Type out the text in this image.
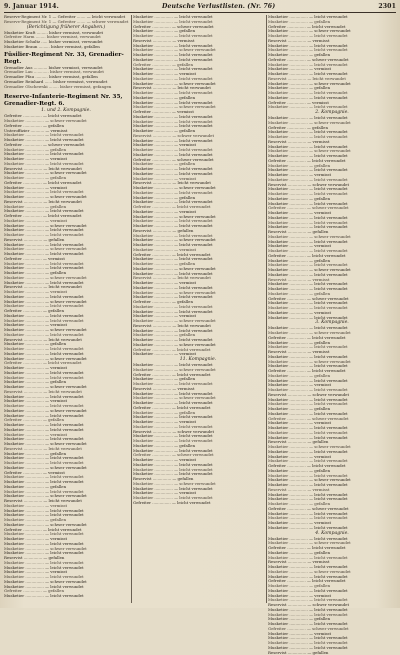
9. Januar 1914.	Deutsche Verlustlisten. (Nr. 76)	2301
Reserve-Regiment Nr. 1 — Gefreiter ....... — leicht verwundet
Reserve-Regiment Nr. 1 — Gefreiter ....... — schwer verwundet
(Berichtigung früherer Angaben.)
Musketier Kraft ......... bisher vermisst, verwundet
Gefreiter Harm ........ bisher vermisst, verwundet
Musketier Schultz ..... bisher vermisst, verwundet
Musketier Braun ......... bisher vermisst, gefallen
Füsilier-Regiment Nr. 33, Grenadier-Regt.
Grenadier Aus ........... bisher vermisst, verwundet
Grenadier Lau ............ bisher vermisst, verwundet
Grenadier Pfau .......... bisher vermisst, gefallen
Grenadier Reinhard ...... bisher vermisst, verwundet
Grenadier Olschewski ........ bisher vermisst, gefangen
Reserve-Infanterie-Regiment Nr. 35, Grenadier-Regt. 6.
1. und 2. Kompagnie.
Gefreiter ............... — leicht verwundet
Musketier ............... — schwer verwundet
Gefreiter ............... — gefallen
Unteroffizier ........... — vermisst
Musketier ............... — leicht verwundet
Musketier ............... — leicht verwundet
Gefreiter ............... — schwer verwundet
Musketier ............... — gefallen
Musketier ............... — leicht verwundet
Musketier ............... — vermisst
Musketier ............... — leicht verwundet
Reservist ............... — leicht verwundet
Musketier ............... — schwer verwundet
Musketier ............... — gefallen
Gefreiter ............... — leicht verwundet
Musketier ............... — vermisst
Musketier ............... — leicht verwundet
Musketier ............... — schwer verwundet
Reservist ............... — leicht verwundet
Musketier ............... — gefallen
Musketier ............... — leicht verwundet
Gefreiter ............... — leicht verwundet
Musketier ............... — vermisst
Musketier ............... — schwer verwundet
Musketier ............... — leicht verwundet
Musketier ............... — leicht verwundet
Reservist ............... — gefallen
Musketier ............... — leicht verwundet
Musketier ............... — schwer verwundet
Musketier ............... — leicht verwundet
Gefreiter ............... — vermisst
Musketier ............... — leicht verwundet
Musketier ............... — leicht verwundet
Musketier ............... — gefallen
Musketier ............... — schwer verwundet
Musketier ............... — leicht verwundet
Reservist ............... — leicht verwundet
Musketier ............... — vermisst
Musketier ............... — leicht verwundet
Musketier ............... — schwer verwundet
Musketier ............... — leicht verwundet
Gefreiter ............... — gefallen
Musketier ............... — leicht verwundet
Musketier ............... — leicht verwundet
Musketier ............... — vermisst
Musketier ............... — schwer verwundet
Musketier ............... — leicht verwundet
Reservist ............... — leicht verwundet
Musketier ............... — gefallen
Musketier ............... — leicht verwundet
Musketier ............... — leicht verwundet
Musketier ............... — schwer verwundet
Gefreiter ............... — leicht verwundet
Musketier ............... — vermisst
Musketier ............... — leicht verwundet
Musketier ............... — leicht verwundet
Musketier ............... — gefallen
Musketier ............... — schwer verwundet
Reservist ............... — leicht verwundet
Musketier ............... — leicht verwundet
Musketier ............... — vermisst
Musketier ............... — leicht verwundet
Musketier ............... — schwer verwundet
Musketier ............... — leicht verwundet
Gefreiter ............... — gefallen
Musketier ............... — leicht verwundet
Musketier ............... — leicht verwundet
Musketier ............... — vermisst
Musketier ............... — leicht verwundet
Musketier ............... — schwer verwundet
Reservist ............... — leicht verwundet
Musketier ............... — gefallen
Musketier ............... — leicht verwundet
Musketier ............... — leicht verwundet
Musketier ............... — schwer verwundet
Gefreiter ............... — vermisst
Musketier ............... — leicht verwundet
Musketier ............... — leicht verwundet
Musketier ............... — gefallen
Musketier ............... — leicht verwundet
Musketier ............... — schwer verwundet
Reservist ............... — leicht verwundet
Musketier ............... — vermisst
Musketier ............... — leicht verwundet
Musketier ............... — leicht verwundet
Musketier ............... — gefallen
Musketier ............... — schwer verwundet
Gefreiter ............... — leicht verwundet
Musketier ............... — leicht verwundet
Musketier ............... — vermisst
Musketier ............... — leicht verwundet
Musketier ............... — schwer verwundet
Musketier ............... — leicht verwundet
Reservist ............... — gefallen
Musketier ............... — leicht verwundet
Musketier ............... — leicht verwundet
Musketier ............... — vermisst
Musketier ............... — leicht verwundet
Musketier ............... — schwer verwundet
Musketier ............... — leicht verwundet
Gefreiter ............... — gefallen
Musketier ............... — leicht verwundet
Musketier ............... — leicht verwundet
Musketier ............... — leicht verwundet
Gefreiter ............... — schwer verwundet
Musketier ............... — gefallen
Musketier ............... — leicht verwundet
Reservist ............... — vermisst
Musketier ............... — leicht verwundet
Musketier ............... — schwer verwundet
Musketier ............... — leicht verwundet
Musketier ............... — leicht verwundet
Gefreiter ............... — gefallen
Musketier ............... — leicht verwundet
Musketier ............... — vermisst
Musketier ............... — leicht verwundet
Musketier ............... — schwer verwundet
Reservist ............... — leicht verwundet
Musketier ............... — leicht verwundet
Musketier ............... — gefallen
Musketier ............... — leicht verwundet
Musketier ............... — schwer verwundet
Gefreiter ............... — vermisst
Musketier ............... — leicht verwundet
Musketier ............... — leicht verwundet
Musketier ............... — leicht verwundet
Musketier ............... — gefallen
Reservist ............... — schwer verwundet
Musketier ............... — leicht verwundet
Musketier ............... — vermisst
Musketier ............... — leicht verwundet
Musketier ............... — leicht verwundet
Gefreiter ............... — schwer verwundet
Musketier ............... — gefallen
Musketier ............... — leicht verwundet
Musketier ............... — leicht verwundet
Musketier ............... — vermisst
Reservist ............... — leicht verwundet
Musketier ............... — schwer verwundet
Musketier ............... — leicht verwundet
Musketier ............... — gefallen
Musketier ............... — leicht verwundet
Gefreiter ............... — leicht verwundet
Musketier ............... — vermisst
Musketier ............... — schwer verwundet
Musketier ............... — leicht verwundet
Musketier ............... — leicht verwundet
Reservist ............... — gefallen
Musketier ............... — leicht verwundet
Musketier ............... — schwer verwundet
Musketier ............... — leicht verwundet
Musketier ............... — vermisst
Gefreiter ............... — leicht verwundet
Musketier ............... — leicht verwundet
Musketier ............... — gefallen
Musketier ............... — schwer verwundet
Musketier ............... — leicht verwundet
Reservist ............... — leicht verwundet
Musketier ............... — vermisst
Musketier ............... — leicht verwundet
Musketier ............... — schwer verwundet
Musketier ............... — leicht verwundet
Gefreiter ............... — gefallen
Musketier ............... — leicht verwundet
Musketier ............... — leicht verwundet
Musketier ............... — vermisst
Musketier ............... — schwer verwundet
Reservist ............... — leicht verwundet
Musketier ............... — leicht verwundet
Musketier ............... — gefallen
Musketier ............... — leicht verwundet
Musketier ............... — schwer verwundet
Gefreiter ............... — leicht verwundet
Musketier ............... — vermisst
11. Kompagnie.
Musketier ............... — leicht verwundet
Musketier ............... — schwer verwundet
Gefreiter ............... — leicht verwundet
Musketier ............... — gefallen
Musketier ............... — leicht verwundet
Reservist ............... — vermisst
Musketier ............... — leicht verwundet
Musketier ............... — schwer verwundet
Musketier ............... — leicht verwundet
Gefreiter ............... — leicht verwundet
Musketier ............... — gefallen
Musketier ............... — leicht verwundet
Musketier ............... — vermisst
Musketier ............... — leicht verwundet
Reservist ............... — schwer verwundet
Musketier ............... — leicht verwundet
Musketier ............... — leicht verwundet
Musketier ............... — gefallen
Musketier ............... — leicht verwundet
Gefreiter ............... — schwer verwundet
Musketier ............... — vermisst
Musketier ............... — leicht verwundet
Musketier ............... — leicht verwundet
Musketier ............... — leicht verwundet
Reservist ............... — gefallen
Musketier ............... — schwer verwundet
Musketier ............... — leicht verwundet
Musketier ............... — vermisst
Musketier ............... — leicht verwundet
Gefreiter ............... — leicht verwundet
Musketier ............... — leicht verwundet
Musketier ............... — gefallen
Gefreiter ............... — leicht verwundet
Musketier ............... — schwer verwundet
Musketier ............... — leicht verwundet
Reservist ............... — vermisst
Musketier ............... — leicht verwundet
Musketier ............... — leicht verwundet
Musketier ............... — gefallen
Gefreiter ............... — schwer verwundet
Musketier ............... — leicht verwundet
Musketier ............... — vermisst
Musketier ............... — leicht verwundet
Reservist ............... — leicht verwundet
Musketier ............... — schwer verwundet
Musketier ............... — gefallen
Musketier ............... — leicht verwundet
Musketier ............... — leicht verwundet
Gefreiter ............... — vermisst
Musketier ............... — leicht verwundet
2. Kompagnie.
Musketier ............... — leicht verwundet
Musketier ............... — schwer verwundet
Gefreiter ............... — gefallen
Musketier ............... — leicht verwundet
Musketier ............... — leicht verwundet
Reservist ............... — vermisst
Musketier ............... — leicht verwundet
Musketier ............... — schwer verwundet
Musketier ............... — leicht verwundet
Gefreiter ............... — leicht verwundet
Musketier ............... — gefallen
Musketier ............... — leicht verwundet
Musketier ............... — vermisst
Musketier ............... — leicht verwundet
Reservist ............... — schwer verwundet
Musketier ............... — leicht verwundet
Musketier ............... — leicht verwundet
Musketier ............... — gefallen
Musketier ............... — leicht verwundet
Gefreiter ............... — schwer verwundet
Musketier ............... — vermisst
Musketier ............... — leicht verwundet
Musketier ............... — leicht verwundet
Musketier ............... — leicht verwundet
Reservist ............... — gefallen
Musketier ............... — schwer verwundet
Musketier ............... — leicht verwundet
Musketier ............... — vermisst
Musketier ............... — leicht verwundet
Gefreiter ............... — leicht verwundet
Musketier ............... — gefallen
Musketier ............... — leicht verwundet
Musketier ............... — schwer verwundet
Musketier ............... — leicht verwundet
Reservist ............... — vermisst
Musketier ............... — leicht verwundet
Musketier ............... — leicht verwundet
Musketier ............... — gefallen
Gefreiter ............... — schwer verwundet
Musketier ............... — leicht verwundet
Musketier ............... — leicht verwundet
Musketier ............... — vermisst
Musketier ............... — leicht verwundet
3. Kompagnie.
Musketier ............... — leicht verwundet
Musketier ............... — schwer verwundet
Gefreiter ............... — leicht verwundet
Musketier ............... — gefallen
Musketier ............... — leicht verwundet
Reservist ............... — vermisst
Musketier ............... — leicht verwundet
Musketier ............... — schwer verwundet
Musketier ............... — leicht verwundet
Gefreiter ............... — leicht verwundet
Musketier ............... — gefallen
Musketier ............... — leicht verwundet
Musketier ............... — vermisst
Musketier ............... — leicht verwundet
Reservist ............... — schwer verwundet
Musketier ............... — leicht verwundet
Musketier ............... — leicht verwundet
Musketier ............... — gefallen
Musketier ............... — leicht verwundet
Gefreiter ............... — schwer verwundet
Musketier ............... — vermisst
Musketier ............... — leicht verwundet
Musketier ............... — leicht verwundet
Musketier ............... — leicht verwundet
Reservist ............... — gefallen
Musketier ............... — schwer verwundet
Musketier ............... — leicht verwundet
Musketier ............... — vermisst
Musketier ............... — leicht verwundet
Gefreiter ............... — leicht verwundet
Musketier ............... — gefallen
Musketier ............... — leicht verwundet
Musketier ............... — schwer verwundet
Musketier ............... — leicht verwundet
Reservist ............... — vermisst
Musketier ............... — leicht verwundet
Musketier ............... — leicht verwundet
Musketier ............... — gefallen
Gefreiter ............... — schwer verwundet
Musketier ............... — leicht verwundet
Musketier ............... — leicht verwundet
Musketier ............... — vermisst
Musketier ............... — leicht verwundet
4. Kompagnie.
Musketier ............... — leicht verwundet
Musketier ............... — schwer verwundet
Gefreiter ............... — leicht verwundet
Musketier ............... — gefallen
Musketier ............... — leicht verwundet
Reservist ............... — vermisst
Musketier ............... — leicht verwundet
Musketier ............... — schwer verwundet
Musketier ............... — leicht verwundet
Gefreiter ............... — leicht verwundet
Musketier ............... — gefallen
Musketier ............... — leicht verwundet
Musketier ............... — vermisst
Musketier ............... — leicht verwundet
Reservist ............... — schwer verwundet
Musketier ............... — leicht verwundet
Musketier ............... — leicht verwundet
Musketier ............... — gefallen
Musketier ............... — leicht verwundet
Gefreiter ............... — schwer verwundet
Musketier ............... — vermisst
Musketier ............... — leicht verwundet
Musketier ............... — leicht verwundet
Musketier ............... — leicht verwundet
Reservist ............... — gefallen
